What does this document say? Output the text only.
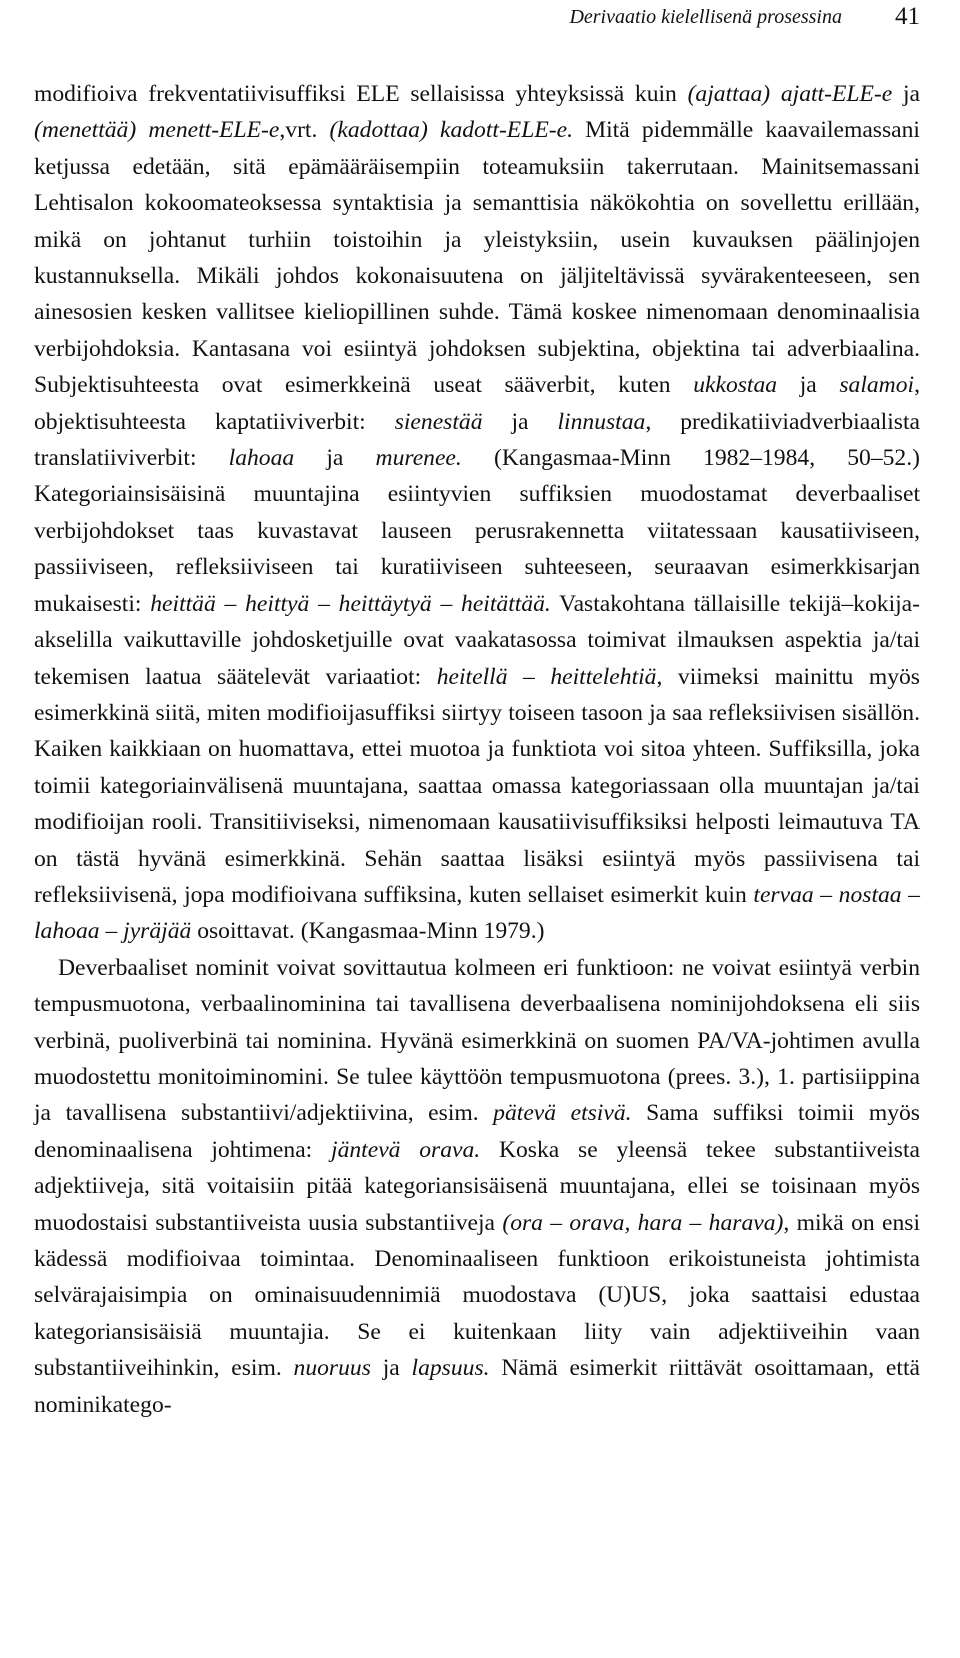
Derivaatio kielellisenä prosessina 41

modifioiva frekventatiivisuffiksi ELE sellaisissa yhteyksissä kuin (ajattaa) ajatt-ELE-e ja (menettää) menett-ELE-e,vrt. (kadottaa) kadott-ELE-e. Mitä pidemmälle kaavailemassani ketjussa edetään, sitä epämääräisempiin toteamuksiin takerrutaan. Mainitsemassani Lehtisalon kokoomateoksessa syntaktisia ja semanttisia näkökohtia on sovellettu erillään, mikä on johtanut turhiin toistoihin ja yleistyksiin, usein kuvauksen päälinjojen kustannuksella. Mikäli johdos kokonaisuutena on jäljiteltävissä syvärakenteeseen, sen ainesosien kesken vallitsee kieliopillinen suhde. Tämä koskee nimenomaan denominaalisia verbijohdoksia. Kantasana voi esiintyä johdoksen subjektina, objektina tai adverbiaalina. Subjektisuhteesta ovat esimerkkeinä useat sääverbit, kuten ukkostaa ja salamoi, objektisuhteesta kaptatiiviverbit: sienestää ja linnustaa, predikatiiviadverbiaalista translatiiviverbit: lahoaa ja murenee. (Kangasmaa-Minn 1982–1984, 50–52.) Kategoriainsisäisinä muuntajina esiintyvien suffiksien muodostamat deverbaaliset verbijohdokset taas kuvastavat lauseen perusrakennetta viitatessaan kausatiiviseen, passiiviseen, refleksiiviseen tai kuratiiviseen suhteeseen, seuraavan esimerkkisarjan mukaisesti: heittää – heittyä – heittäytyä – heitättää. Vastakohtana tällaisille tekijä–kokija-akselilla vaikuttaville johdosketjuille ovat vaakatasossa toimivat ilmauksen aspektia ja/tai tekemisen laatua säätelevät variaatiot: heitellä – heittelehtiä, viimeksi mainittu myös esimerkkinä siitä, miten modifioijasuffiksi siirtyy toiseen tasoon ja saa refleksiivisen sisällön. Kaiken kaikkiaan on huomattava, ettei muotoa ja funktiota voi sitoa yhteen. Suffiksilla, joka toimii kategoriainvälisenä muuntajana, saattaa omassa kategoriassaan olla muuntajan ja/tai modifioijan rooli. Transitiiviseksi, nimenomaan kausatiivisuffiksiksi helposti leimautuva TA on tästä hyvänä esimerkkinä. Sehän saattaa lisäksi esiintyä myös passiivisena tai refleksiivisenä, jopa modifioivana suffiksina, kuten sellaiset esimerkit kuin tervaa – nostaa – lahoaa – jyräjää osoittavat. (Kangasmaa-Minn 1979.)

Deverbaaliset nominit voivat sovittautua kolmeen eri funktioon: ne voivat esiintyä verbin tempusmuotona, verbaalinominina tai tavallisena deverbaalisena nominijohdoksena eli siis verbinä, puoliverbinä tai nominina. Hyvänä esimerkkinä on suomen PA/VA-johtimen avulla muodostettu monitoiminomini. Se tulee käyttöön tempusmuotona (prees. 3.), 1. partisiippina ja tavallisena substantiivi/adjektiivina, esim. pätevä etsivä. Sama suffiksi toimii myös denominaalisena johtimena: jäntevä orava. Koska se yleensä tekee substantiiveista adjektiiveja, sitä voitaisiin pitää kategoriansisäisenä muuntajana, ellei se toisinaan myös muodostaisi substantiiveista uusia substantiiveja (ora – orava, hara – harava), mikä on ensi kädessä modifioivaa toimintaa. Denominaaliseen funktioon erikoistuneista johtimista selvärajaisimpia on ominaisuudennimiä muodostava (U)US, joka saattaisi edustaa kategoriansisäisiä muuntajia. Se ei kuitenkaan liity vain adjektiiveihin vaan substantiiveihinkin, esim. nuoruus ja lapsuus. Nämä esimerkit riittävät osoittamaan, että nominikatego-
